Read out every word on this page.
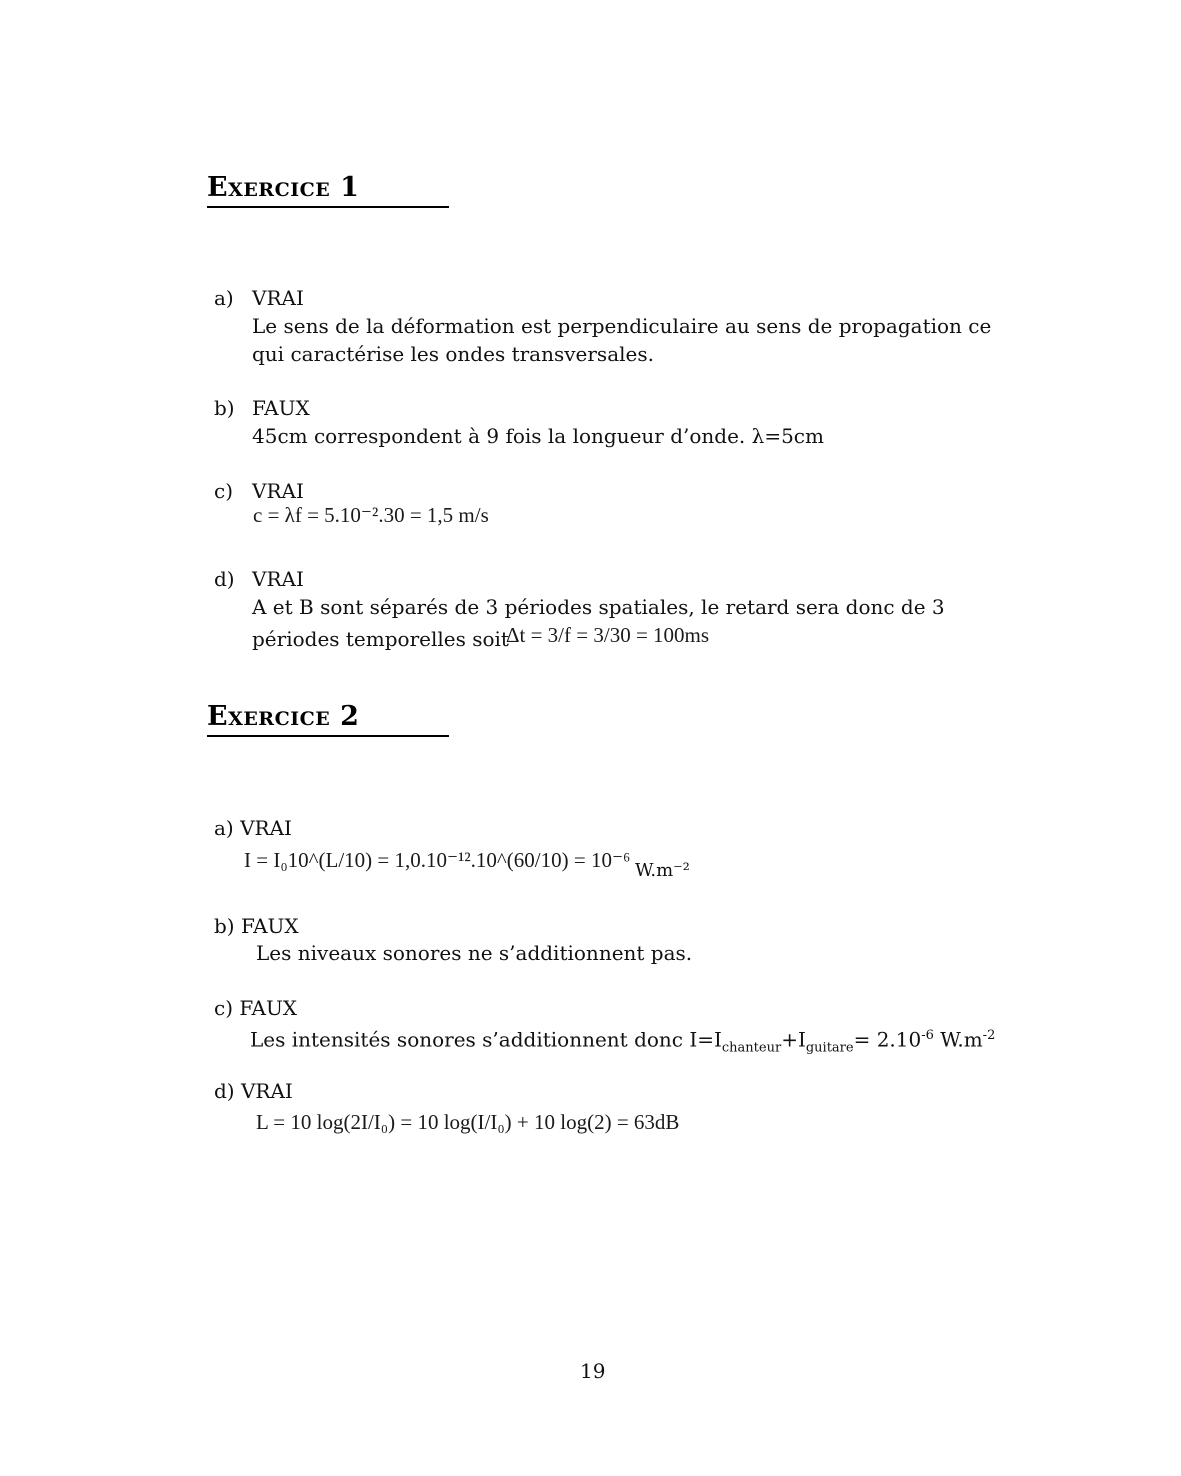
Exercice 1
a) VRAI
Le sens de la déformation est perpendiculaire au sens de propagation ce
qui caractérise les ondes transversales.
b) FAUX
45cm correspondent à 9 fois la longueur d’onde. λ=5cm
c) VRAI
c = λf = 5.10⁻².30 = 1,5 m/s
d) VRAI
A et B sont séparés de 3 périodes spatiales, le retard sera donc de 3
périodes temporelles soit
Δt = 3/f = 3/30 = 100ms
Exercice 2
a) VRAI
I = I₀10^(L/10) = 1,0.10⁻¹².10^(60/10) = 10⁻⁶ W.m⁻²
b) FAUX
Les niveaux sonores ne s’additionnent pas.
c) FAUX
Les intensités sonores s’additionnent donc $I=I_{chanteur}+I_{guitare}= 2.10^{-6}$ $W.m^{-2}$
d) VRAI
L = 10 log(2I/I₀) = 10 log(I/I₀) + 10 log(2) = 63dB
19
